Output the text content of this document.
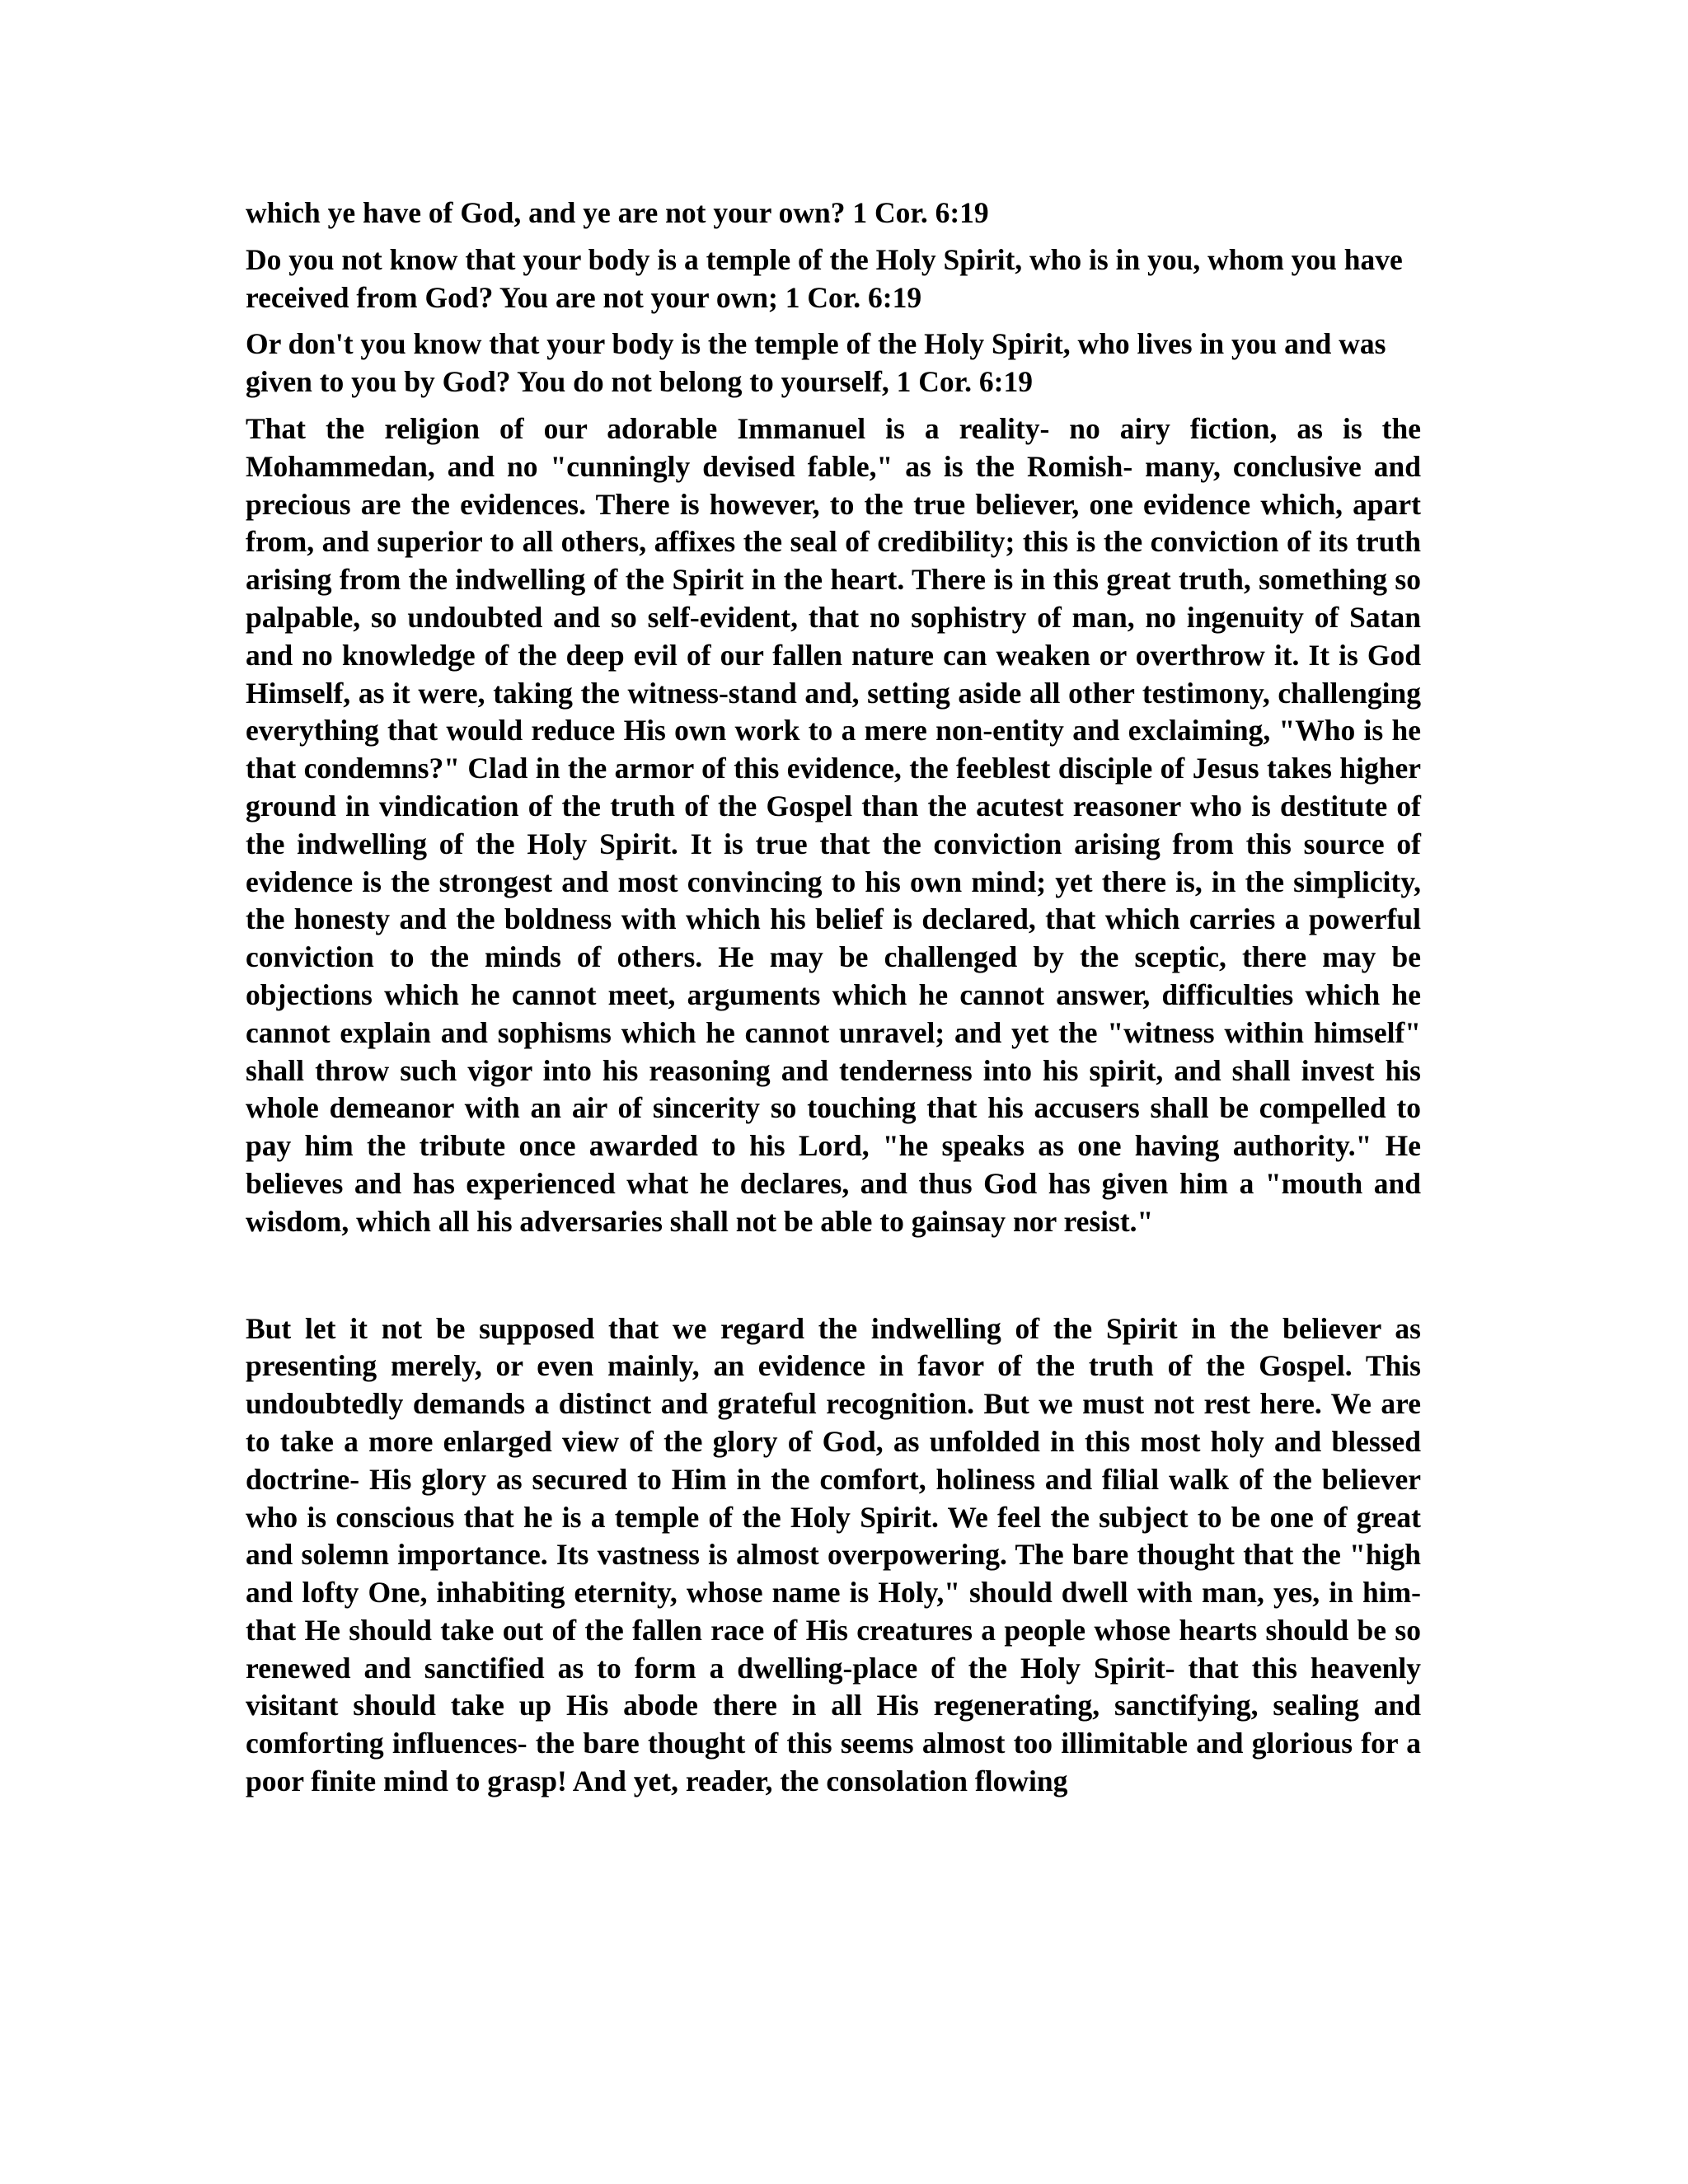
which ye have of God, and ye are not your own? 1 Cor. 6:19

Do you not know that your body is a temple of the Holy Spirit, who is in you, whom you have received from God? You are not your own; 1 Cor. 6:19

Or don't you know that your body is the temple of the Holy Spirit, who lives in you and was given to you by God? You do not belong to yourself, 1 Cor. 6:19

That the religion of our adorable Immanuel is a reality- no airy fiction, as is the Mohammedan, and no "cunningly devised fable," as is the Romish- many, conclusive and precious are the evidences. There is however, to the true believer, one evidence which, apart from, and superior to all others, affixes the seal of credibility; this is the conviction of its truth arising from the indwelling of the Spirit in the heart. There is in this great truth, something so palpable, so undoubted and so self-evident, that no sophistry of man, no ingenuity of Satan and no knowledge of the deep evil of our fallen nature can weaken or overthrow it. It is God Himself, as it were, taking the witness-stand and, setting aside all other testimony, challenging everything that would reduce His own work to a mere non-entity and exclaiming, "Who is he that condemns?" Clad in the armor of this evidence, the feeblest disciple of Jesus takes higher ground in vindication of the truth of the Gospel than the acutest reasoner who is destitute of the indwelling of the Holy Spirit. It is true that the conviction arising from this source of evidence is the strongest and most convincing to his own mind; yet there is, in the simplicity, the honesty and the boldness with which his belief is declared, that which carries a powerful conviction to the minds of others. He may be challenged by the sceptic, there may be objections which he cannot meet, arguments which he cannot answer, difficulties which he cannot explain and sophisms which he cannot unravel; and yet the "witness within himself" shall throw such vigor into his reasoning and tenderness into his spirit, and shall invest his whole demeanor with an air of sincerity so touching that his accusers shall be compelled to pay him the tribute once awarded to his Lord, "he speaks as one having authority." He believes and has experienced what he declares, and thus God has given him a "mouth and wisdom, which all his adversaries shall not be able to gainsay nor resist."

But let it not be supposed that we regard the indwelling of the Spirit in the believer as presenting merely, or even mainly, an evidence in favor of the truth of the Gospel. This undoubtedly demands a distinct and grateful recognition. But we must not rest here. We are to take a more enlarged view of the glory of God, as unfolded in this most holy and blessed doctrine- His glory as secured to Him in the comfort, holiness and filial walk of the believer who is conscious that he is a temple of the Holy Spirit. We feel the subject to be one of great and solemn importance. Its vastness is almost overpowering. The bare thought that the "high and lofty One, inhabiting eternity, whose name is Holy," should dwell with man, yes, in him- that He should take out of the fallen race of His creatures a people whose hearts should be so renewed and sanctified as to form a dwelling-place of the Holy Spirit- that this heavenly visitant should take up His abode there in all His regenerating, sanctifying, sealing and comforting influences- the bare thought of this seems almost too illimitable and glorious for a poor finite mind to grasp! And yet, reader, the consolation flowing
